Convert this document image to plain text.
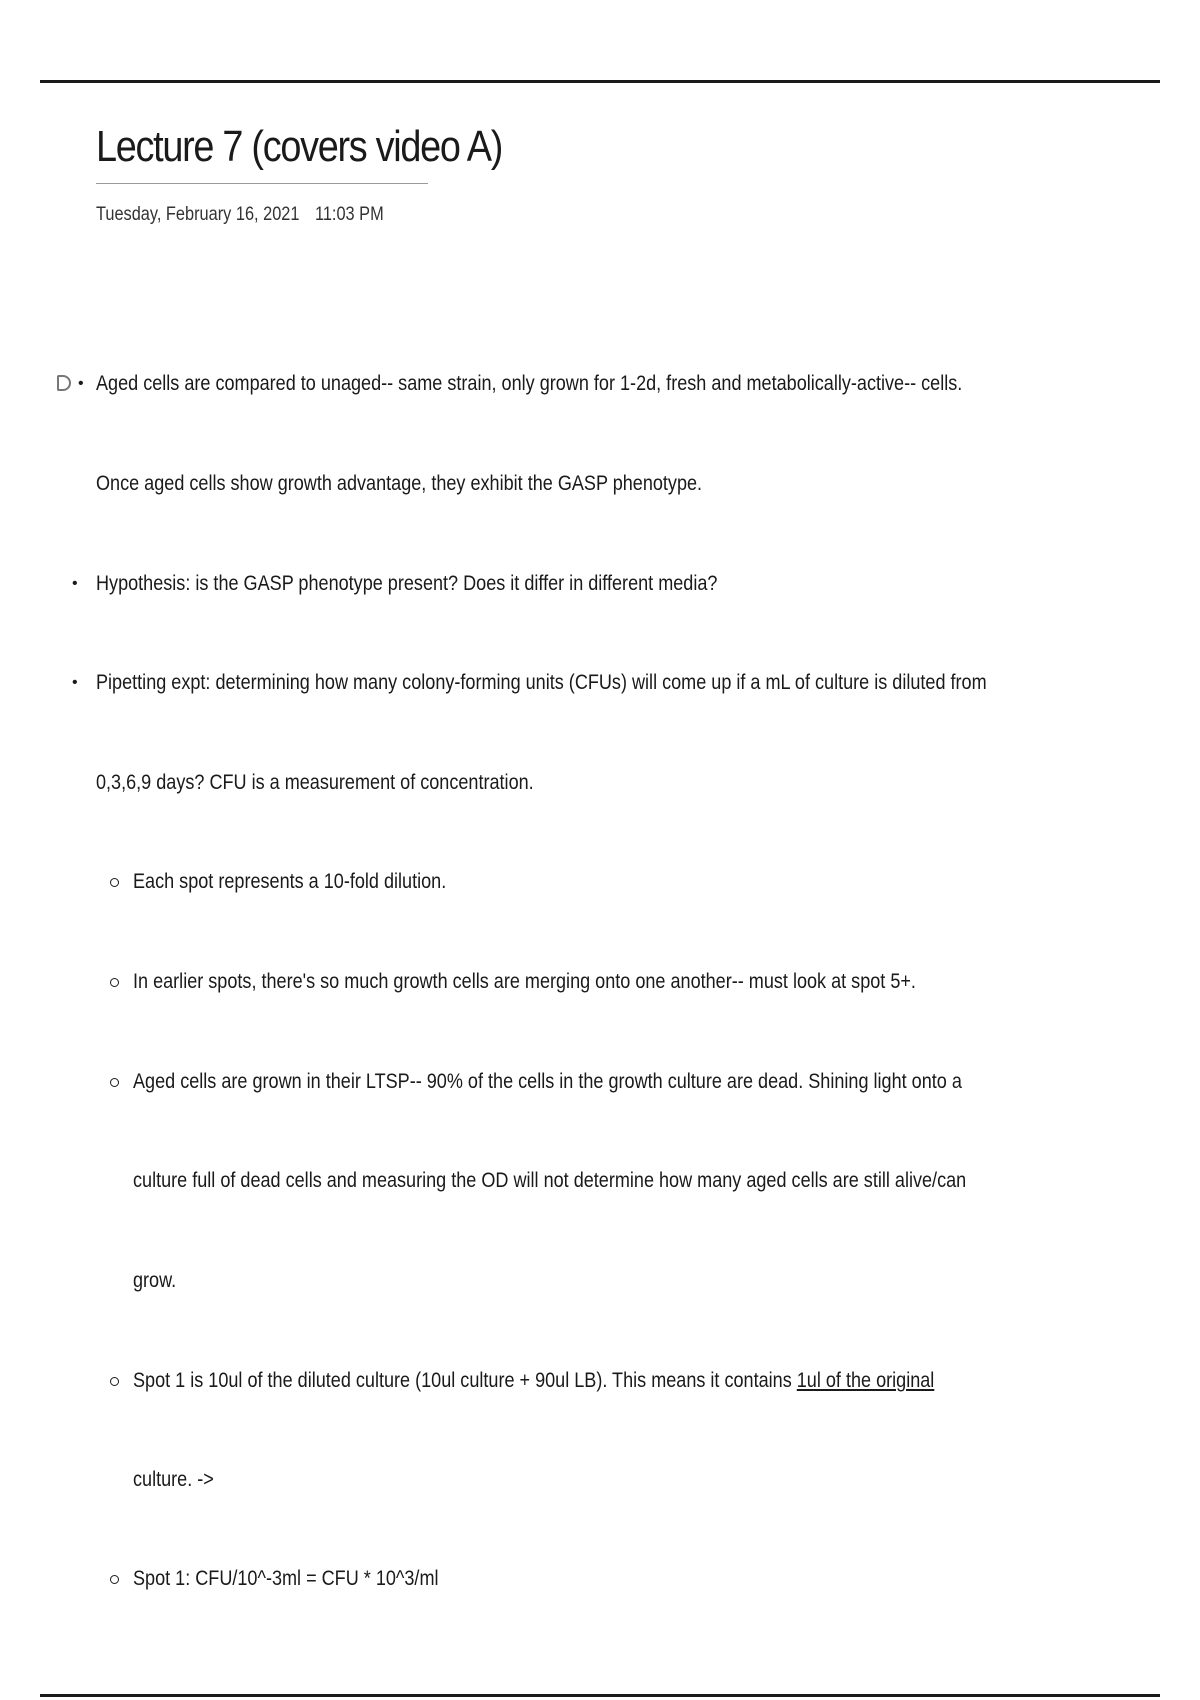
Lecture 7 (covers video A)
Tuesday, February 16, 2021 11:03 PM
• Aged cells are compared to unaged-- same strain, only grown for 1-2d, fresh and metabolically-active-- cells.
Once aged cells show growth advantage, they exhibit the GASP phenotype.
• Hypothesis: is the GASP phenotype present? Does it differ in different media?
• Pipetting expt: determining how many colony-forming units (CFUs) will come up if a mL of culture is diluted from
0,3,6,9 days? CFU is a measurement of concentration.
Each spot represents a 10-fold dilution.
In earlier spots, there's so much growth cells are merging onto one another-- must look at spot 5+.
Aged cells are grown in their LTSP-- 90% of the cells in the growth culture are dead. Shining light onto a
culture full of dead cells and measuring the OD will not determine how many aged cells are still alive/can
grow.
Spot 1 is 10ul of the diluted culture (10ul culture + 90ul LB). This means it contains 1ul of the original
culture. ->
Spot 1: CFU/10^-3ml = CFU * 10^3/ml
